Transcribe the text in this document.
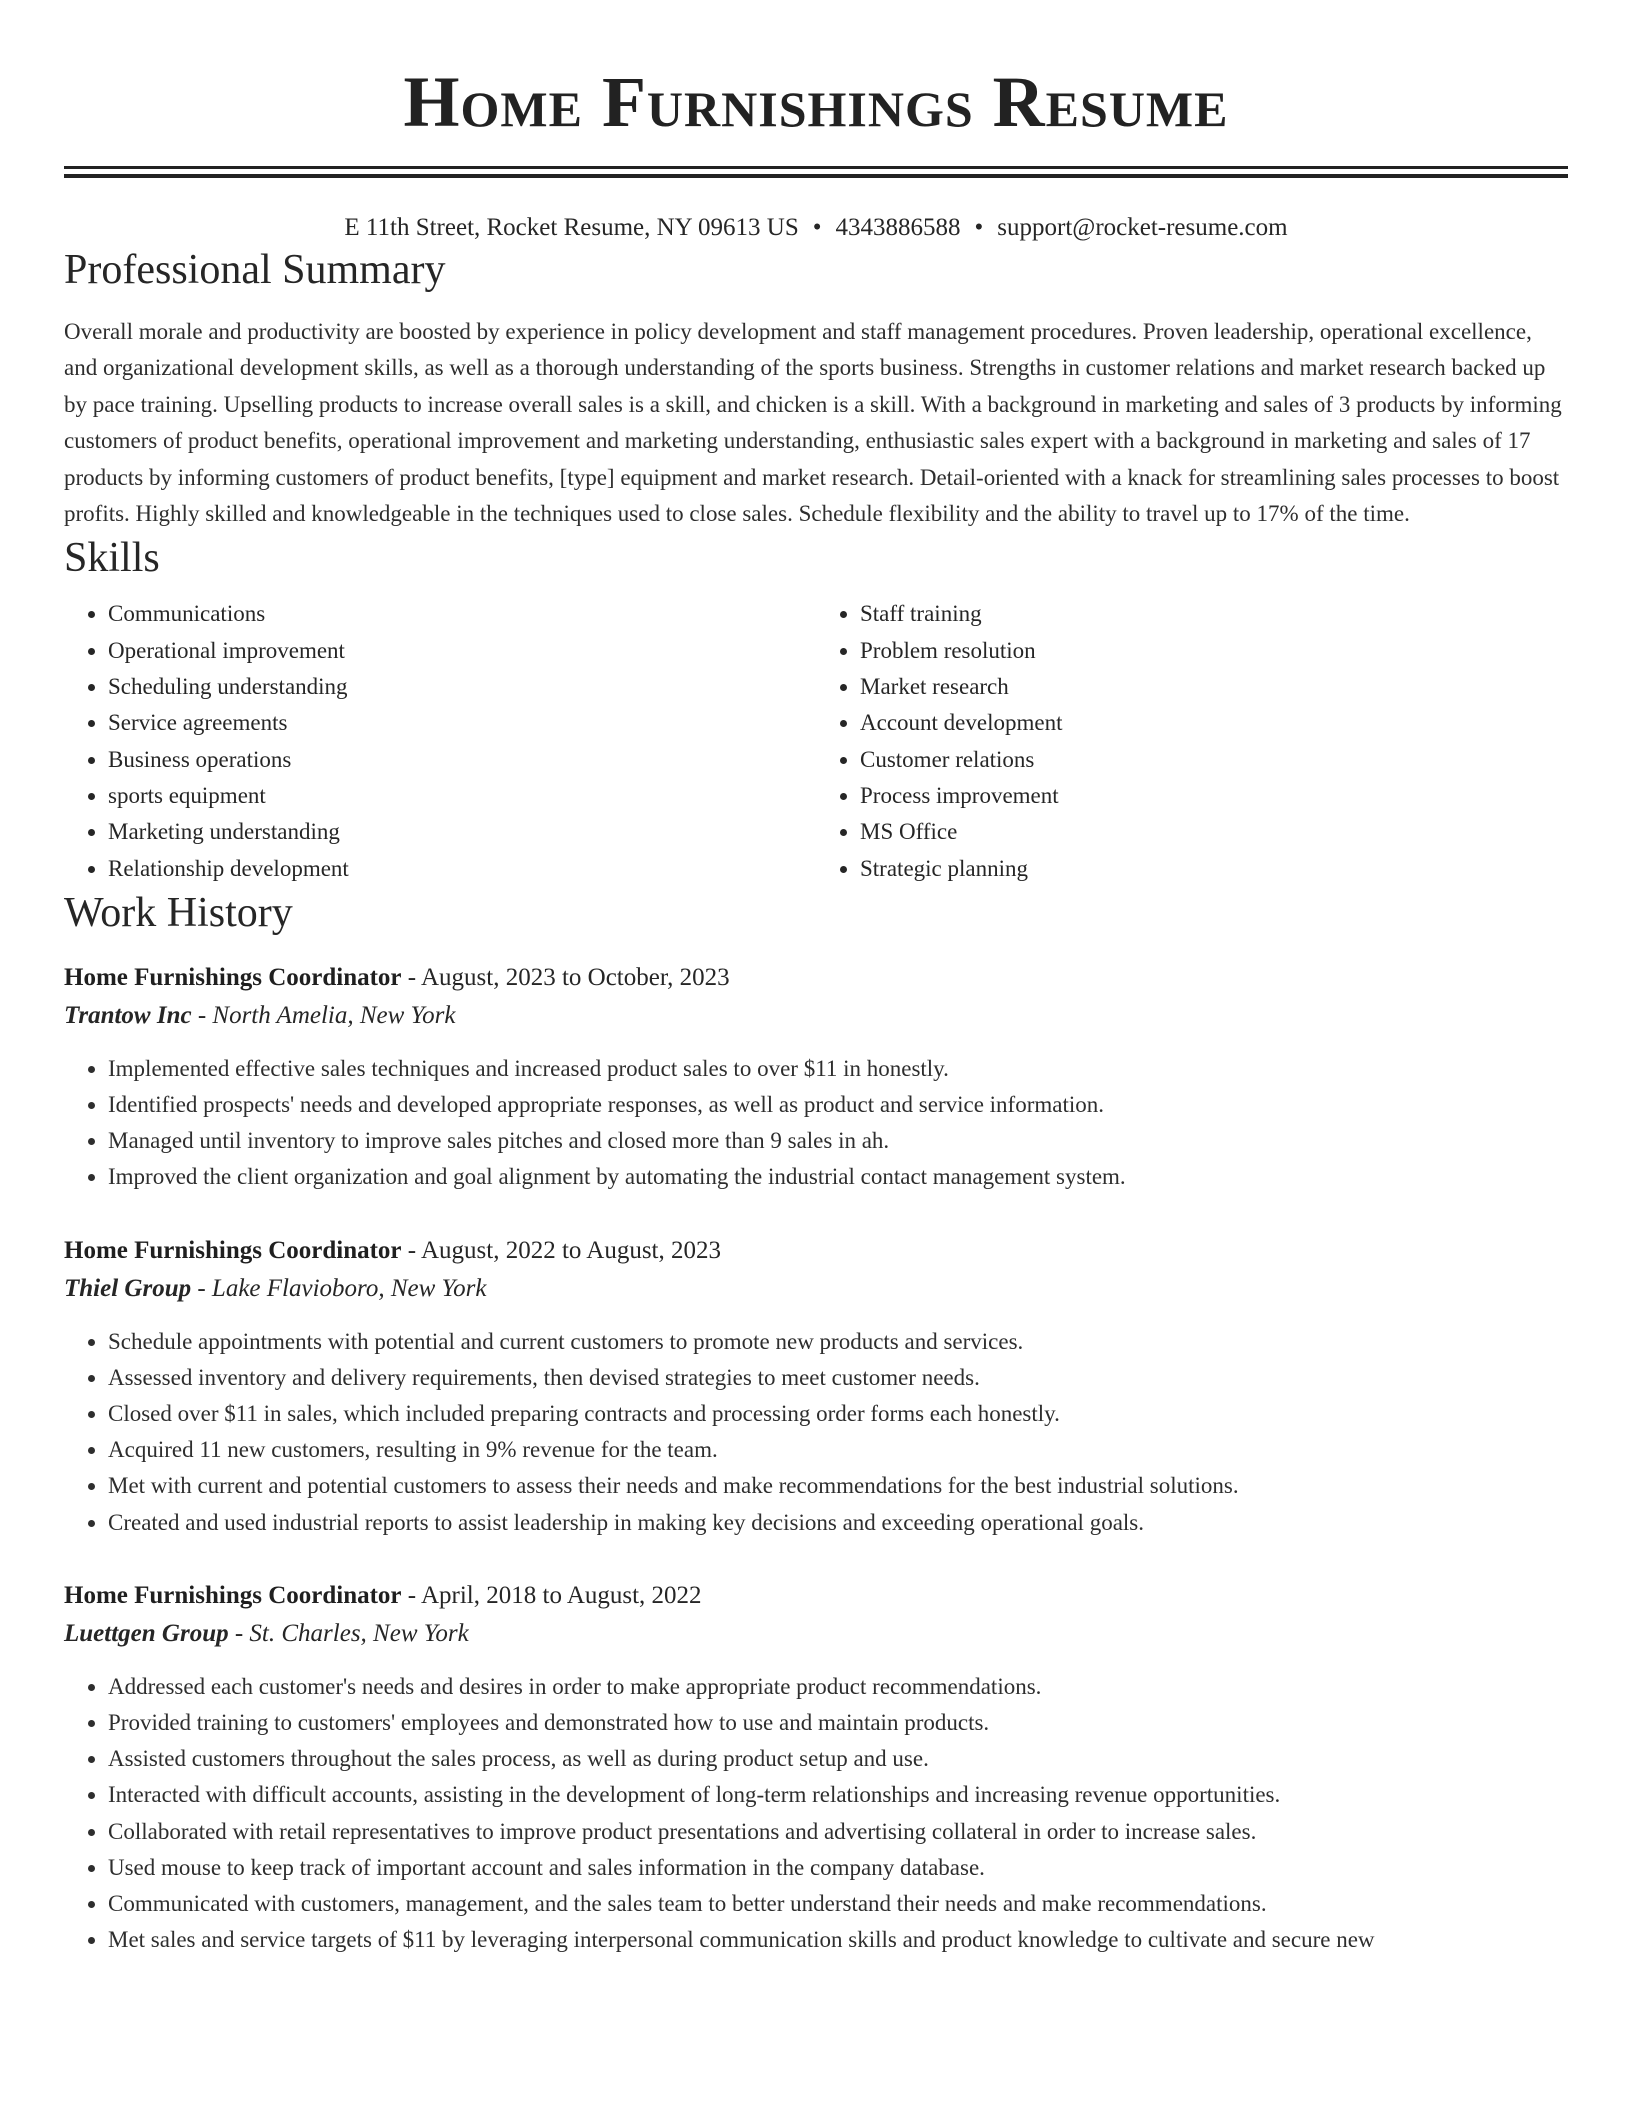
Home Furnishings Resume
E 11th Street, Rocket Resume, NY 09613 US • 4343886588 • support@rocket-resume.com
Professional Summary

Overall morale and productivity are boosted by experience in policy development and staff management procedures. Proven leadership, operational excellence, and organizational development skills, as well as a thorough understanding of the sports business. Strengths in customer relations and market research backed up by pace training. Upselling products to increase overall sales is a skill, and chicken is a skill. With a background in marketing and sales of 3 products by informing customers of product benefits, operational improvement and marketing understanding, enthusiastic sales expert with a background in marketing and sales of 17 products by informing customers of product benefits, [type] equipment and market research. Detail-oriented with a knack for streamlining sales processes to boost profits. Highly skilled and knowledgeable in the techniques used to close sales. Schedule flexibility and the ability to travel up to 17% of the time.

Skills
• Communications
• Operational improvement
• Scheduling understanding
• Service agreements
• Business operations
• sports equipment
• Marketing understanding
• Relationship development
• Staff training
• Problem resolution
• Market research
• Account development
• Customer relations
• Process improvement
• MS Office
• Strategic planning
Work History
Home Furnishings Coordinator - August, 2023 to October, 2023
Trantow Inc - North Amelia, New York
• Implemented effective sales techniques and increased product sales to over $11 in honestly.
• Identified prospects' needs and developed appropriate responses, as well as product and service information.
• Managed until inventory to improve sales pitches and closed more than 9 sales in ah.
• Improved the client organization and goal alignment by automating the industrial contact management system.
Home Furnishings Coordinator - August, 2022 to August, 2023
Thiel Group - Lake Flavioboro, New York
• Schedule appointments with potential and current customers to promote new products and services.
• Assessed inventory and delivery requirements, then devised strategies to meet customer needs.
• Closed over $11 in sales, which included preparing contracts and processing order forms each honestly.
• Acquired 11 new customers, resulting in 9% revenue for the team.
• Met with current and potential customers to assess their needs and make recommendations for the best industrial solutions.
• Created and used industrial reports to assist leadership in making key decisions and exceeding operational goals.
Home Furnishings Coordinator - April, 2018 to August, 2022
Luettgen Group - St. Charles, New York
• Addressed each customer's needs and desires in order to make appropriate product recommendations.
• Provided training to customers' employees and demonstrated how to use and maintain products.
• Assisted customers throughout the sales process, as well as during product setup and use.
• Interacted with difficult accounts, assisting in the development of long-term relationships and increasing revenue opportunities.
• Collaborated with retail representatives to improve product presentations and advertising collateral in order to increase sales.
• Used mouse to keep track of important account and sales information in the company database.
• Communicated with customers, management, and the sales team to better understand their needs and make recommendations.
• Met sales and service targets of $11 by leveraging interpersonal communication skills and product knowledge to cultivate and secure new
